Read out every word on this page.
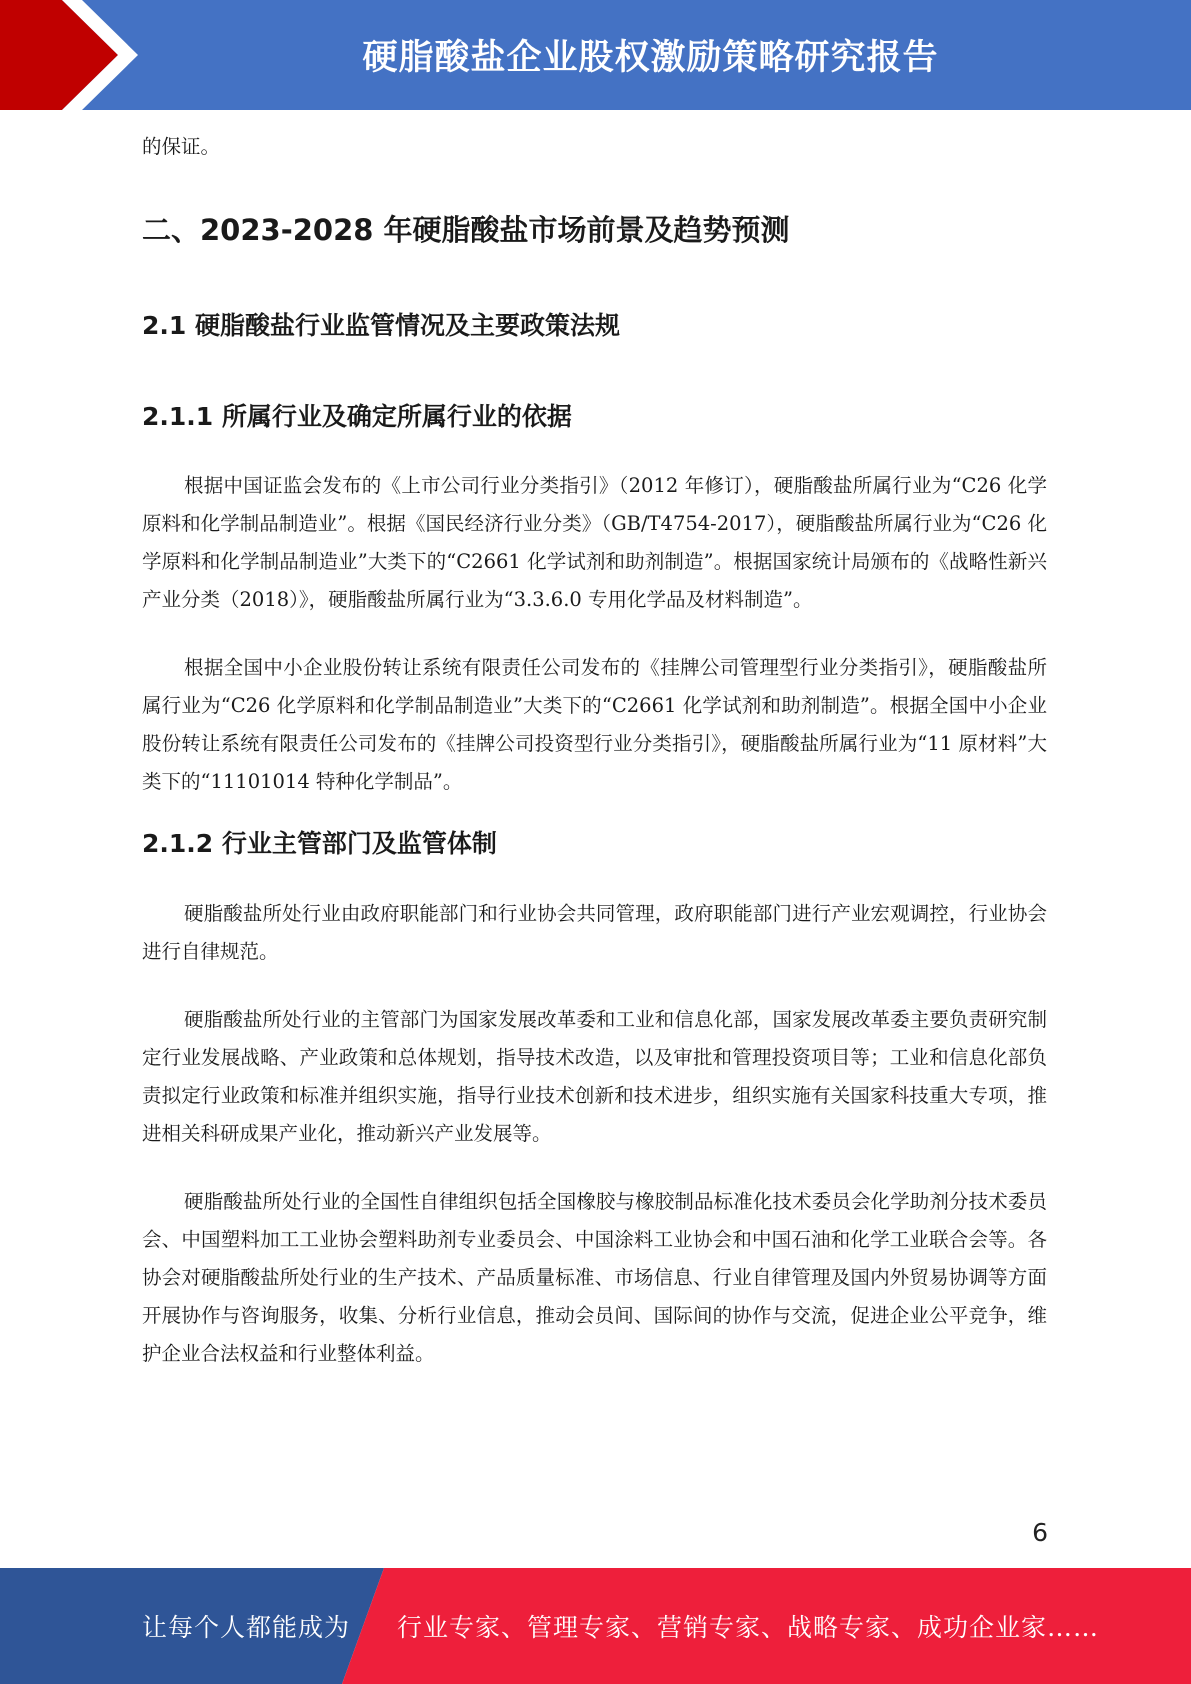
硬脂酸盐企业股权激励策略研究报告

的保证。

二、2023-2028 年硬脂酸盐市场前景及趋势预测
2.1 硬脂酸盐行业监管情况及主要政策法规
2.1.1 所属行业及确定所属行业的依据

根据中国证监会发布的《上市公司行业分类指引》（2012 年修订），硬脂酸盐所属行业为“C26 化学原料和化学制品制造业”。根据《国民经济行业分类》（GB/T4754-2017），硬脂酸盐所属行业为“C26 化学原料和化学制品制造业”大类下的“C2661 化学试剂和助剂制造”。根据国家统计局颁布的《战略性新兴产业分类（2018）》，硬脂酸盐所属行业为“3.3.6.0 专用化学品及材料制造”。

根据全国中小企业股份转让系统有限责任公司发布的《挂牌公司管理型行业分类指引》，硬脂酸盐所属行业为“C26 化学原料和化学制品制造业”大类下的“C2661 化学试剂和助剂制造”。根据全国中小企业股份转让系统有限责任公司发布的《挂牌公司投资型行业分类指引》，硬脂酸盐所属行业为“11 原材料”大类下的“11101014 特种化学制品”。

2.1.2 行业主管部门及监管体制

硬脂酸盐所处行业由政府职能部门和行业协会共同管理，政府职能部门进行产业宏观调控，行业协会进行自律规范。

硬脂酸盐所处行业的主管部门为国家发展改革委和工业和信息化部，国家发展改革委主要负责研究制定行业发展战略、产业政策和总体规划，指导技术改造，以及审批和管理投资项目等；工业和信息化部负责拟定行业政策和标准并组织实施，指导行业技术创新和技术进步，组织实施有关国家科技重大专项，推进相关科研成果产业化，推动新兴产业发展等。

硬脂酸盐所处行业的全国性自律组织包括全国橡胶与橡胶制品标准化技术委员会化学助剂分技术委员会、中国塑料加工工业协会塑料助剂专业委员会、中国涂料工业协会和中国石油和化学工业联合会等。各协会对硬脂酸盐所处行业的生产技术、产品质量标准、市场信息、行业自律管理及国内外贸易协调等方面开展协作与咨询服务，收集、分析行业信息，推动会员间、国际间的协作与交流，促进企业公平竞争，维护企业合法权益和行业整体利益。

6
让每个人都能成为 行业专家、管理专家、营销专家、战略专家、成功企业家……
